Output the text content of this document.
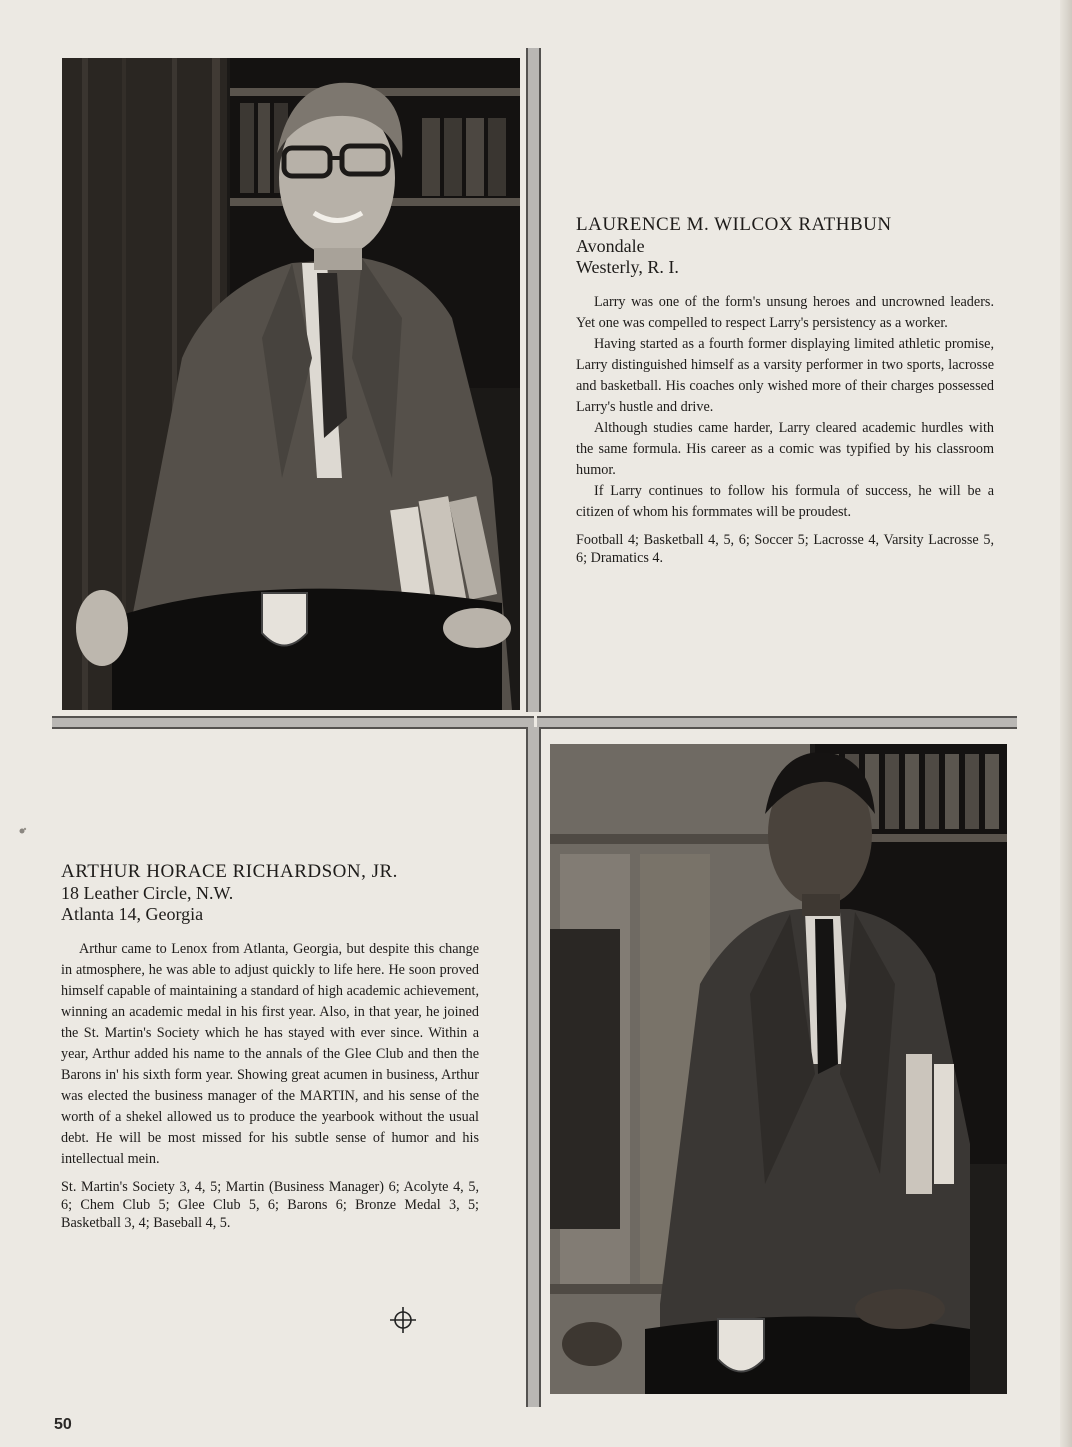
LAURENCE M. WILCOX RATHBUN

Avondale

Westerly, R. I.

Larry was one of the form's unsung heroes and uncrowned leaders. Yet one was compelled to respect Larry's persistency as a worker.

Having started as a fourth former displaying limited athletic promise, Larry distinguished himself as a varsity performer in two sports, lacrosse and basketball. His coaches only wished more of their charges possessed Larry's hustle and drive.

Although studies came harder, Larry cleared academic hurdles with the same formula. His career as a comic was typified by his classroom humor.

If Larry continues to follow his formula of success, he will be a citizen of whom his formmates will be proudest.

Football 4; Basketball 4, 5, 6; Soccer 5; Lacrosse 4, Varsity Lacrosse 5, 6; Dramatics 4.

ARTHUR HORACE RICHARDSON, JR.

18 Leather Circle, N.W.

Atlanta 14, Georgia

Arthur came to Lenox from Atlanta, Georgia, but despite this change in atmosphere, he was able to adjust quickly to life here. He soon proved himself capable of maintaining a standard of high academic achievement, winning an academic medal in his first year. Also, in that year, he joined the St. Martin's Society which he has stayed with ever since. Within a year, Arthur added his name to the annals of the Glee Club and then the Barons in' his sixth form year. Showing great acumen in business, Arthur was elected the business manager of the MARTIN, and his sense of the worth of a shekel allowed us to produce the yearbook without the usual debt. He will be most missed for his subtle sense of humor and his intellectual mein.

St. Martin's Society 3, 4, 5; Martin (Business Manager) 6; Acolyte 4, 5, 6; Chem Club 5; Glee Club 5, 6; Barons 6; Bronze Medal 3, 5; Basketball 3, 4; Baseball 4, 5.

50
